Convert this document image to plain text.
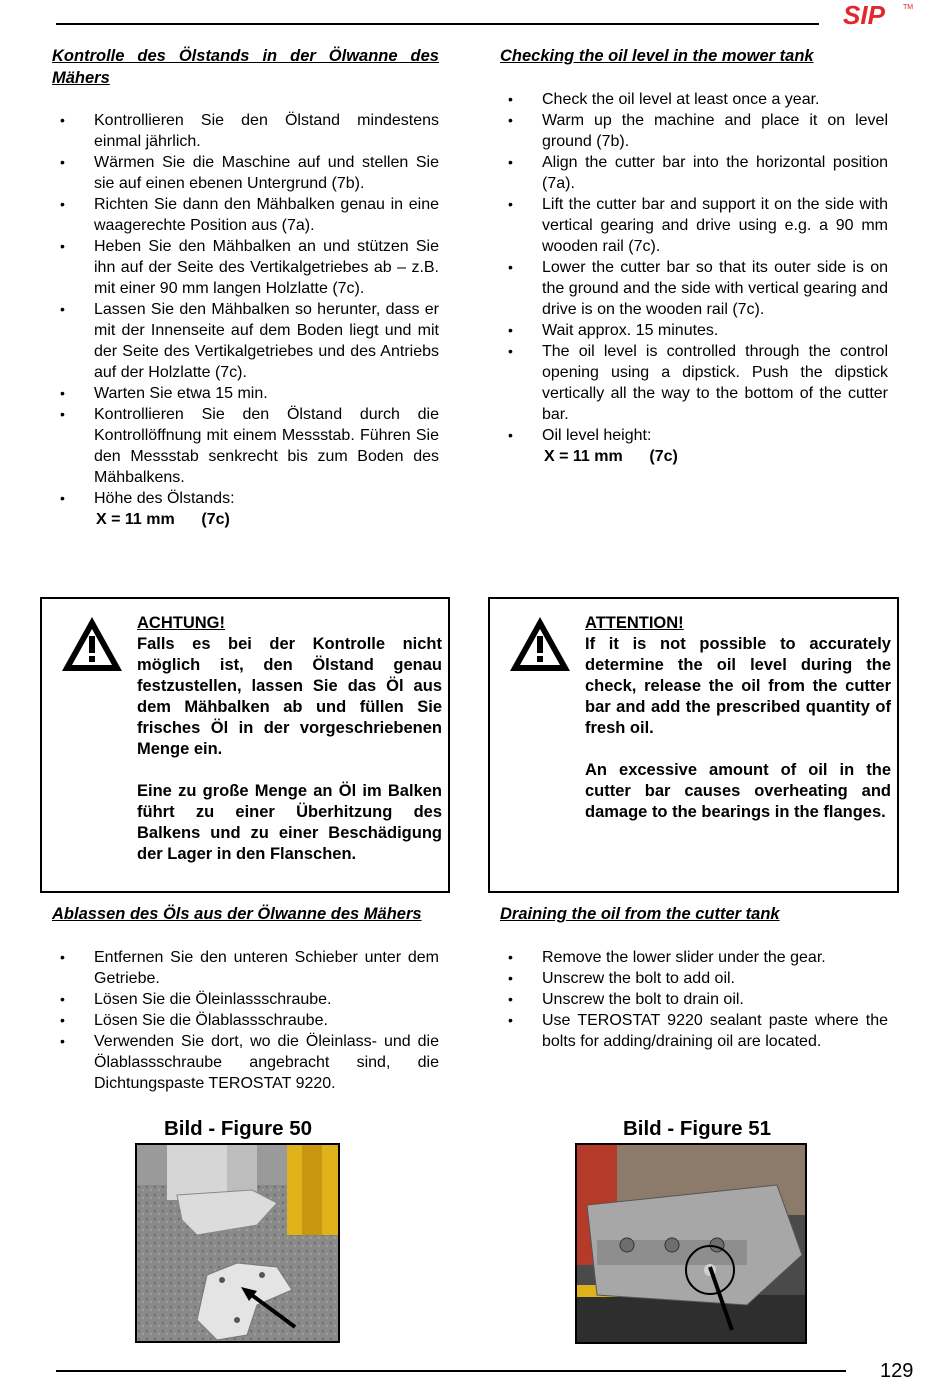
SIP	TM

Kontrolle des Ölstands in der Ölwanne des Mähers

• Kontrollieren Sie den Ölstand mindestens einmal jährlich.
• Wärmen Sie die Maschine auf und stellen Sie sie auf einen ebenen Untergrund (7b).
• Richten Sie dann den Mähbalken genau in eine waagerechte Position aus (7a).
• Heben Sie den Mähbalken an und stützen Sie ihn auf der Seite des Vertikalgetriebes ab – z.B. mit einer 90 mm langen Holzlatte (7c).
• Lassen Sie den Mähbalken so herunter, dass er mit der Innenseite auf dem Boden liegt und mit der Seite des Vertikalgetriebes und des Antriebs auf der Holzlatte (7c).
• Warten Sie etwa 15 min.
• Kontrollieren Sie den Ölstand durch die Kontrollöffnung mit einem Messstab. Führen Sie den Messstab senkrecht bis zum Boden des Mähbalkens.
• Höhe des Ölstands:
X = 11 mm      (7c)

Checking the oil level in the mower tank

• Check the oil level at least once a year.
• Warm up the machine and place it on level ground (7b).
• Align the cutter bar into the horizontal position (7a).
• Lift the cutter bar and support it on the side with vertical gearing and drive using e.g. a 90 mm wooden rail (7c).
• Lower the cutter bar so that its outer side is on the ground and the side with vertical gearing and drive is on the wooden rail (7c).
• Wait approx. 15 minutes.
• The oil level is controlled through the control opening using a dipstick. Push the dipstick vertically all the way to the bottom of the cutter bar.
• Oil level height:
X = 11 mm      (7c)
ACHTUNG!

Falls es bei der Kontrolle nicht möglich ist, den Ölstand genau festzustellen, lassen Sie das Öl aus dem Mähbalken ab und füllen Sie frisches Öl in der vorgeschriebenen Menge ein.

Eine zu große Menge an Öl im Balken führt zu einer Überhitzung des Balkens und zu einer Beschädigung der Lager in den Flanschen.

ATTENTION!

If it is not possible to accurately determine the oil level during the check, release the oil from the cutter bar and add the prescribed quantity of fresh oil.

An excessive amount of oil in the cutter bar causes overheating and damage to the bearings in the flanges.

Ablassen des Öls aus der Ölwanne des Mähers

• Entfernen Sie den unteren Schieber unter dem Getriebe.
• Lösen Sie die Öleinlassschraube.
• Lösen Sie die Ölablassschraube.
• Verwenden Sie dort, wo die Öleinlass- und die Ölablassschraube angebracht sind, die Dichtungspaste TEROSTAT 9220.

Draining the oil from the cutter tank

• Remove the lower slider under the gear.
• Unscrew the bolt to add oil.
• Unscrew the bolt to drain oil.
• Use TEROSTAT 9220 sealant paste where the bolts for adding/draining oil are located.
Bild - Figure 50	Bild - Figure 51
129
